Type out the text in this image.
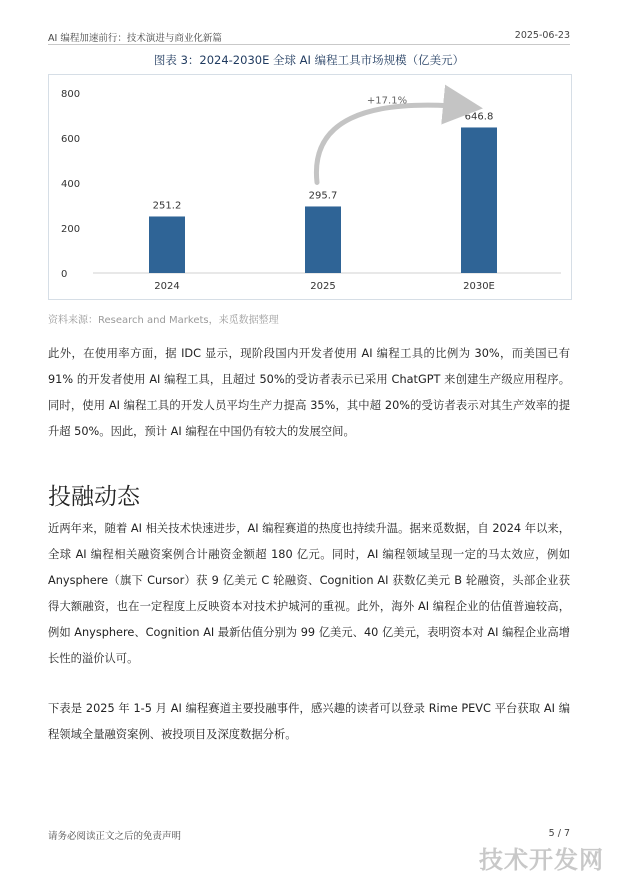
AI 编程加速前行：技术演进与商业化新篇	2025-06-23
图表 3：2024-2030E 全球 AI 编程工具市场规模（亿美元）
0
200
400
600
800
251.2
2024
295.7
2025
646.8
2030E
+17.1%
资料来源：Research and Markets，来觅数据整理
此外，在使用率方面，据 IDC 显示，现阶段国内开发者使用 AI 编程工具的比例为 30%，而美国已有 91% 的开发者使用 AI 编程工具，且超过 50%的受访者表示已采用 ChatGPT 来创建生产级应用程序。同时，使用 AI 编程工具的开发人员平均生产力提高 35%，其中超 20%的受访者表示对其生产效率的提升超 50%。因此，预计 AI 编程在中国仍有较大的发展空间。
投融动态
近两年来，随着 AI 相关技术快速进步，AI 编程赛道的热度也持续升温。据来觅数据，自 2024 年以来，全球 AI 编程相关融资案例合计融资金额超 180 亿元。同时，AI 编程领域呈现一定的马太效应，例如 Anysphere（旗下 Cursor）获 9 亿美元 C 轮融资、Cognition AI 获数亿美元 B 轮融资，头部企业获得大额融资，也在一定程度上反映资本对技术护城河的重视。此外，海外 AI 编程企业的估值普遍较高，例如 Anysphere、Cognition AI 最新估值分别为 99 亿美元、40 亿美元，表明资本对 AI 编程企业高增长性的溢价认可。
下表是 2025 年 1-5 月 AI 编程赛道主要投融事件，感兴趣的读者可以登录 Rime PEVC 平台获取 AI 编程领域全量融资案例、被投项目及深度数据分析。
请务必阅读正文之后的免责声明	5 / 7
技术开发网
